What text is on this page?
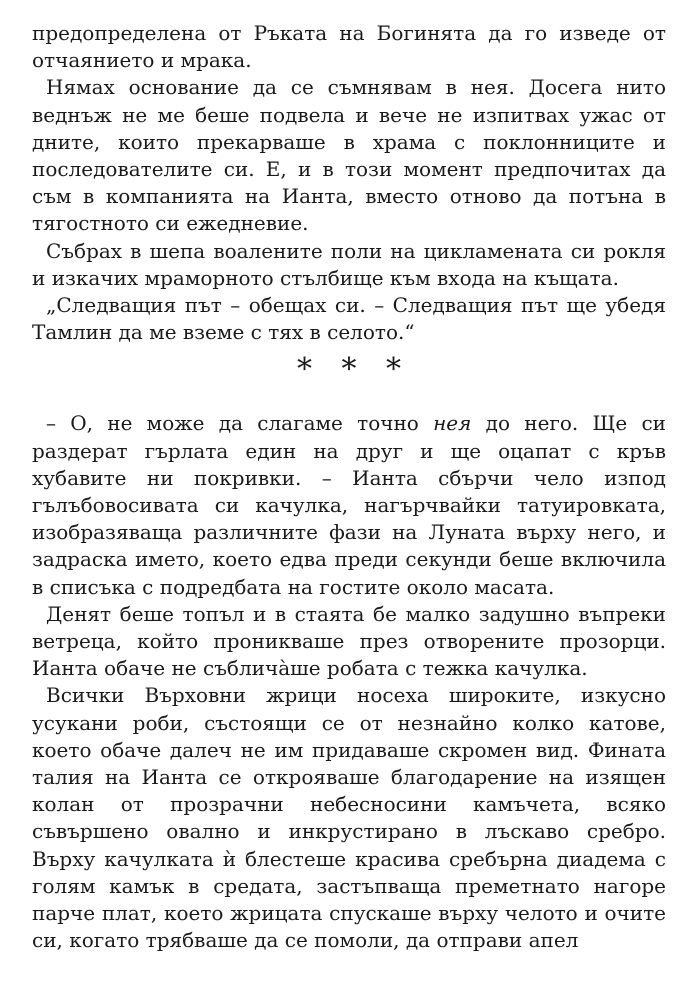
предопределена от Ръката на Богинята да го изведе от отчаянието и мрака.

Нямах основание да се съмнявам в нея. Досега нито веднъж не ме беше подвела и вече не изпитвах ужас от дните, които прекарваше в храма с поклонниците и последователите си. Е, и в този момент предпочитах да съм в компанията на Ианта, вместо отново да потъна в тягостното си ежедневие.

Събрах в шепа воалените поли на цикламената си рокля и изкачих мраморното стълбище към входа на къщата.

„Следващия път – обещах си. – Следващия път ще убедя Тамлин да ме вземе с тях в селото.“

* * *

– О, не може да слагаме точно нея до него. Ще си раздерат гърлата един на друг и ще оцапат с кръв хубавите ни покривки. – Ианта сбърчи чело изпод гълъбовосивата си качулка, нагърчвайки татуировката, изобразяваща различните фази на Луната върху него, и задраска името, което едва преди секунди беше включила в списъка с подредбата на гостите около масата.

Денят беше топъл и в стаята бе малко задушно въпреки ветреца, който проникваше през отворените прозорци. Ианта обаче не съблича̀ше робата с тежка качулка.

Всички Върховни жрици носеха широките, изкусно усукани роби, състоящи се от незнайно колко катове, което обаче далеч не им придаваше скромен вид. Фината талия на Ианта се открояваше благодарение на изящен колан от прозрачни небесносини камъчета, всяко съвършено овално и инкрустирано в лъскаво сребро. Върху качулката ѝ блестеше красива сребърна диадема с голям камък в средата, застъпваща преметнато нагоре парче плат, което жрицата спускаше върху челото и очите си, когато трябваше да се помоли, да отправи апел
